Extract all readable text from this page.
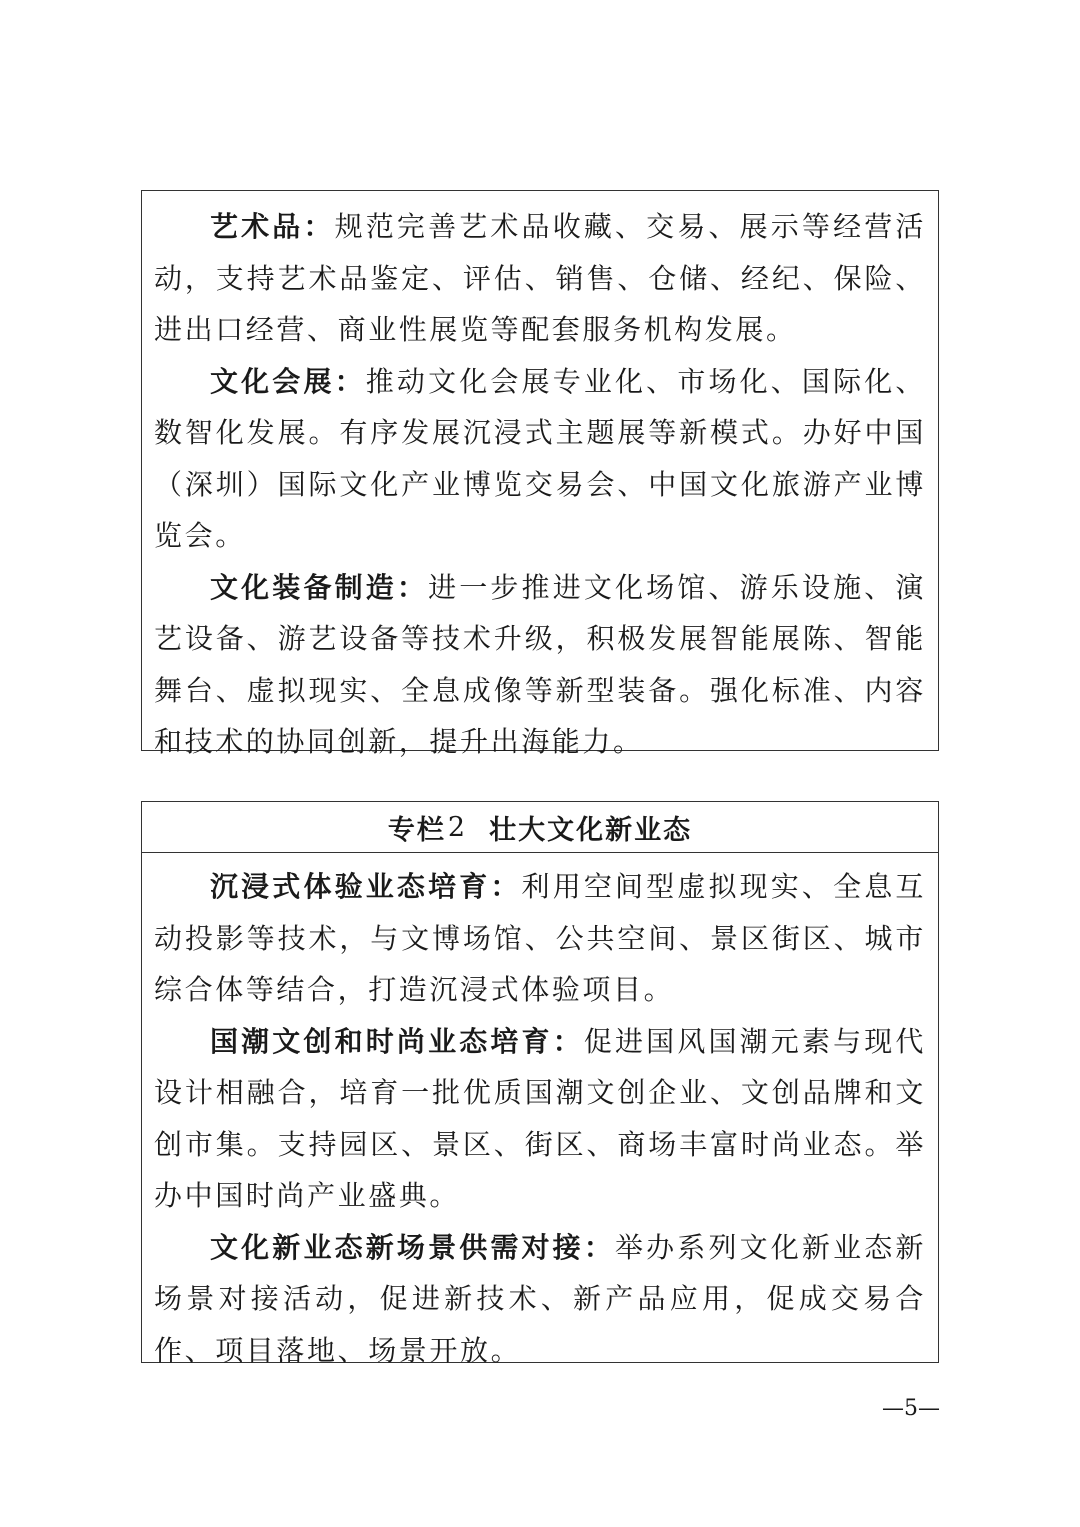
艺术品：规范完善艺术品收藏、交易、展示等经营活动，支持艺术品鉴定、评估、销售、仓储、经纪、保险、进出口经营、商业性展览等配套服务机构发展。

文化会展：推动文化会展专业化、市场化、国际化、数智化发展。有序发展沉浸式主题展等新模式。办好中国（深圳）国际文化产业博览交易会、中国文化旅游产业博览会。

文化装备制造：进一步推进文化场馆、游乐设施、演艺设备、游艺设备等技术升级，积极发展智能展陈、智能舞台、虚拟现实、全息成像等新型装备。强化标准、内容和技术的协同创新，提升出海能力。

专栏 2 壮大文化新业态

沉浸式体验业态培育：利用空间型虚拟现实、全息互动投影等技术，与文博场馆、公共空间、景区街区、城市综合体等结合，打造沉浸式体验项目。

国潮文创和时尚业态培育：促进国风国潮元素与现代设计相融合，培育一批优质国潮文创企业、文创品牌和文创市集。支持园区、景区、街区、商场丰富时尚业态。举办中国时尚产业盛典。

文化新业态新场景供需对接：举办系列文化新业态新场景对接活动，促进新技术、新产品应用，促成交易合作、项目落地、场景开放。

—5—
